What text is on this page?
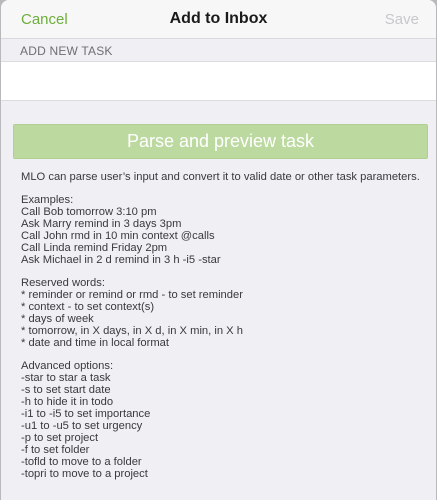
Cancel	Add to Inbox	Save
ADD NEW TASK
Parse and preview task
MLO can parse user’s input and convert it to valid date or other task parameters.
Examples:
Call Bob tomorrow 3:10 pm
Ask Marry remind in 3 days 3pm
Call John rmd in 10 min context @calls
Call Linda remind Friday 2pm
Ask Michael in 2 d remind in 3 h -i5 -star
Reserved words:
* reminder or remind or rmd - to set reminder
* context - to set context(s)
* days of week
* tomorrow, in X days, in X d, in X min, in X h
* date and time in local format
Advanced options:
-star to star a task
-s to set start date
-h to hide it in todo
-i1 to -i5 to set importance
-u1 to -u5 to set urgency
-p to set project
-f to set folder
-tofld to move to a folder
-topri to move to a project
